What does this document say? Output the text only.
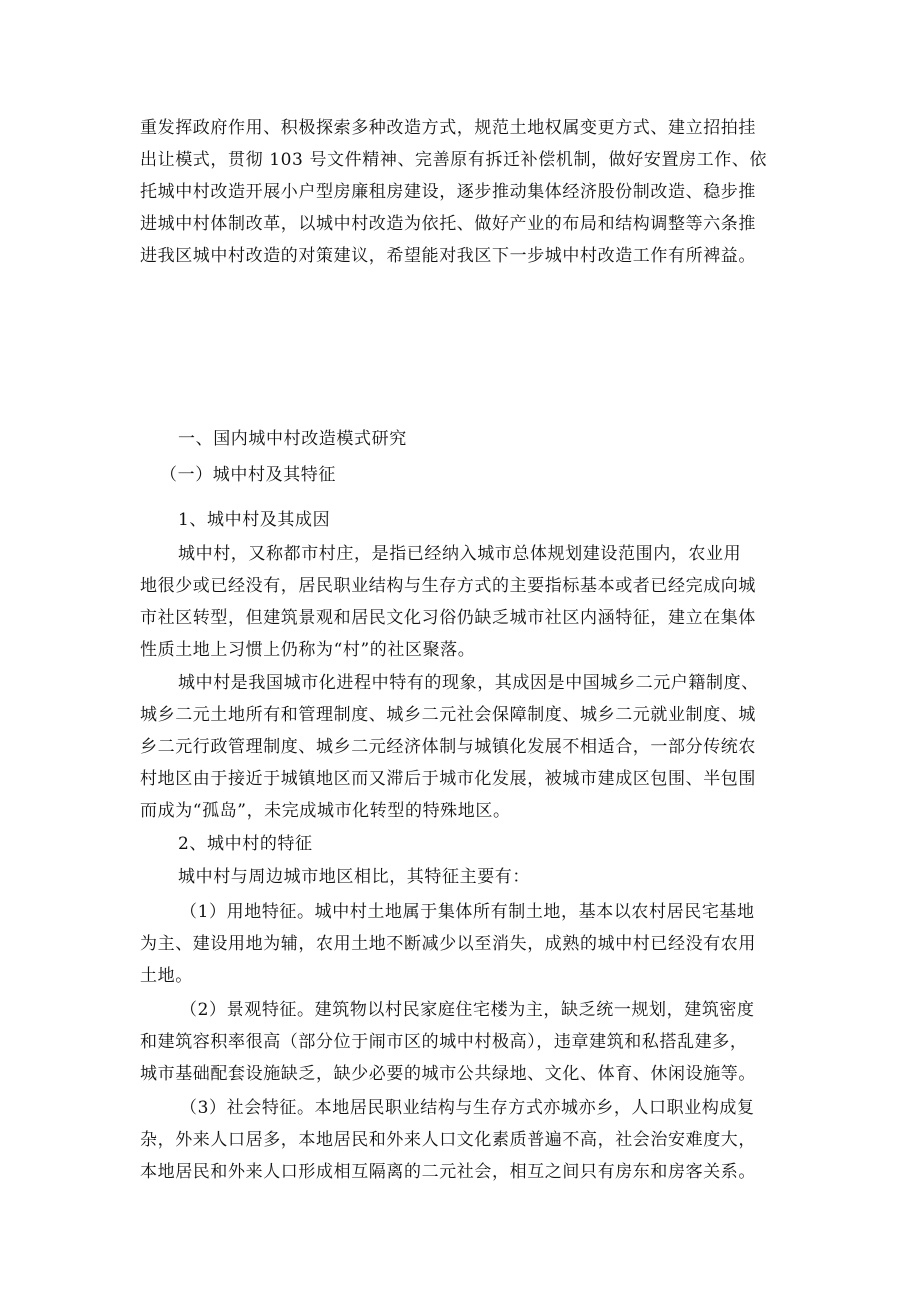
重发挥政府作用、积极探索多种改造方式，规范土地权属变更方式、建立招拍挂
出让模式，贯彻 103 号文件精神、完善原有拆迁补偿机制，做好安置房工作、依
托城中村改造开展小户型房廉租房建设，逐步推动集体经济股份制改造、稳步推
进城中村体制改革，以城中村改造为依托、做好产业的布局和结构调整等六条推
进我区城中村改造的对策建议，希望能对我区下一步城中村改造工作有所裨益。
一、国内城中村改造模式研究
（一）城中村及其特征
1、城中村及其成因
城中村，又称都市村庄，是指已经纳入城市总体规划建设范围内，农业用
地很少或已经没有，居民职业结构与生存方式的主要指标基本或者已经完成向城
市社区转型，但建筑景观和居民文化习俗仍缺乏城市社区内涵特征，建立在集体
性质土地上习惯上仍称为“村”的社区聚落。
城中村是我国城市化进程中特有的现象，其成因是中国城乡二元户籍制度、
城乡二元土地所有和管理制度、城乡二元社会保障制度、城乡二元就业制度、城
乡二元行政管理制度、城乡二元经济体制与城镇化发展不相适合，一部分传统农
村地区由于接近于城镇地区而又滞后于城市化发展，被城市建成区包围、半包围
而成为“孤岛”，未完成城市化转型的特殊地区。
2、城中村的特征
城中村与周边城市地区相比，其特征主要有：
（1）用地特征。城中村土地属于集体所有制土地，基本以农村居民宅基地
为主、建设用地为辅，农用土地不断减少以至消失，成熟的城中村已经没有农用
土地。
（2）景观特征。建筑物以村民家庭住宅楼为主，缺乏统一规划，建筑密度
和建筑容积率很高（部分位于闹市区的城中村极高），违章建筑和私搭乱建多，
城市基础配套设施缺乏，缺少必要的城市公共绿地、文化、体育、休闲设施等。
（3）社会特征。本地居民职业结构与生存方式亦城亦乡，人口职业构成复
杂，外来人口居多，本地居民和外来人口文化素质普遍不高，社会治安难度大，
本地居民和外来人口形成相互隔离的二元社会，相互之间只有房东和房客关系。
